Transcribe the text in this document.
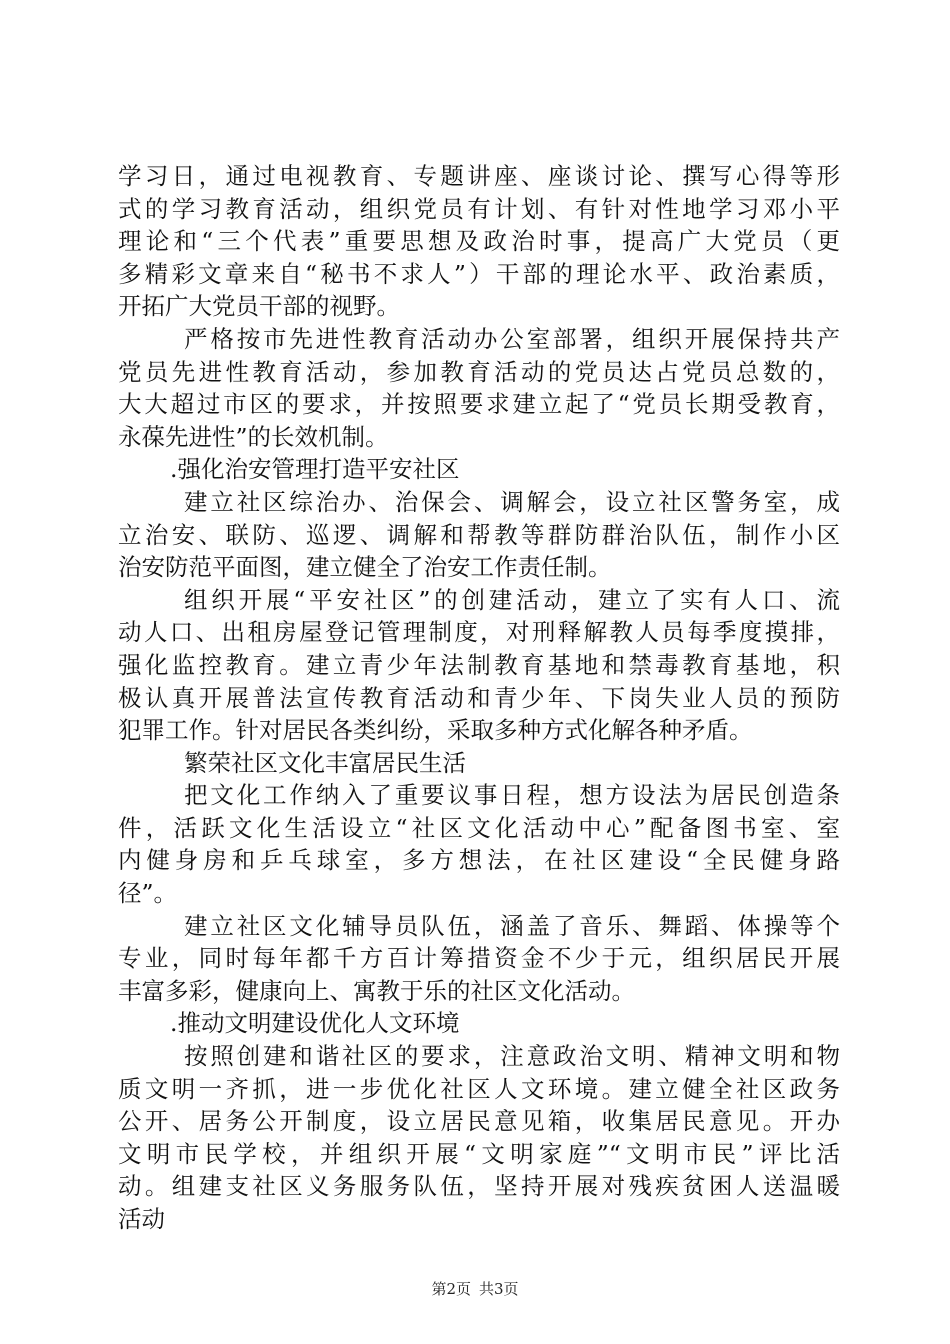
学习日，通过电视教育、专题讲座、座谈讨论、撰写心得等形
式的学习教育活动，组织党员有计划、有针对性地学习邓小平
理论和“三个代表”重要思想及政治时事，提高广大党员（更
多精彩文章来自“秘书不求人”）干部的理论水平、政治素质，
开拓广大党员干部的视野。
严格按市先进性教育活动办公室部署，组织开展保持共产
党员先进性教育活动，参加教育活动的党员达占党员总数的，
大大超过市区的要求，并按照要求建立起了“党员长期受教育，
永葆先进性”的长效机制。
.强化治安管理打造平安社区
建立社区综治办、治保会、调解会，设立社区警务室，成
立治安、联防、巡逻、调解和帮教等群防群治队伍，制作小区
治安防范平面图，建立健全了治安工作责任制。
组织开展“平安社区”的创建活动，建立了实有人口、流
动人口、出租房屋登记管理制度，对刑释解教人员每季度摸排，
强化监控教育。建立青少年法制教育基地和禁毒教育基地，积
极认真开展普法宣传教育活动和青少年、下岗失业人员的预防
犯罪工作。针对居民各类纠纷，采取多种方式化解各种矛盾。
繁荣社区文化丰富居民生活
把文化工作纳入了重要议事日程，想方设法为居民创造条
件，活跃文化生活设立“社区文化活动中心”配备图书室、室
内健身房和乒乓球室，多方想法，在社区建设“全民健身路
径”。
建立社区文化辅导员队伍，涵盖了音乐、舞蹈、体操等个
专业，同时每年都千方百计筹措资金不少于元，组织居民开展
丰富多彩，健康向上、寓教于乐的社区文化活动。
.推动文明建设优化人文环境
按照创建和谐社区的要求，注意政治文明、精神文明和物
质文明一齐抓，进一步优化社区人文环境。建立健全社区政务
公开、居务公开制度，设立居民意见箱，收集居民意见。开办
文明市民学校，并组织开展“文明家庭”“文明市民”评比活
动。组建支社区义务服务队伍，坚持开展对残疾贫困人送温暖
活动
第2页 共3页
